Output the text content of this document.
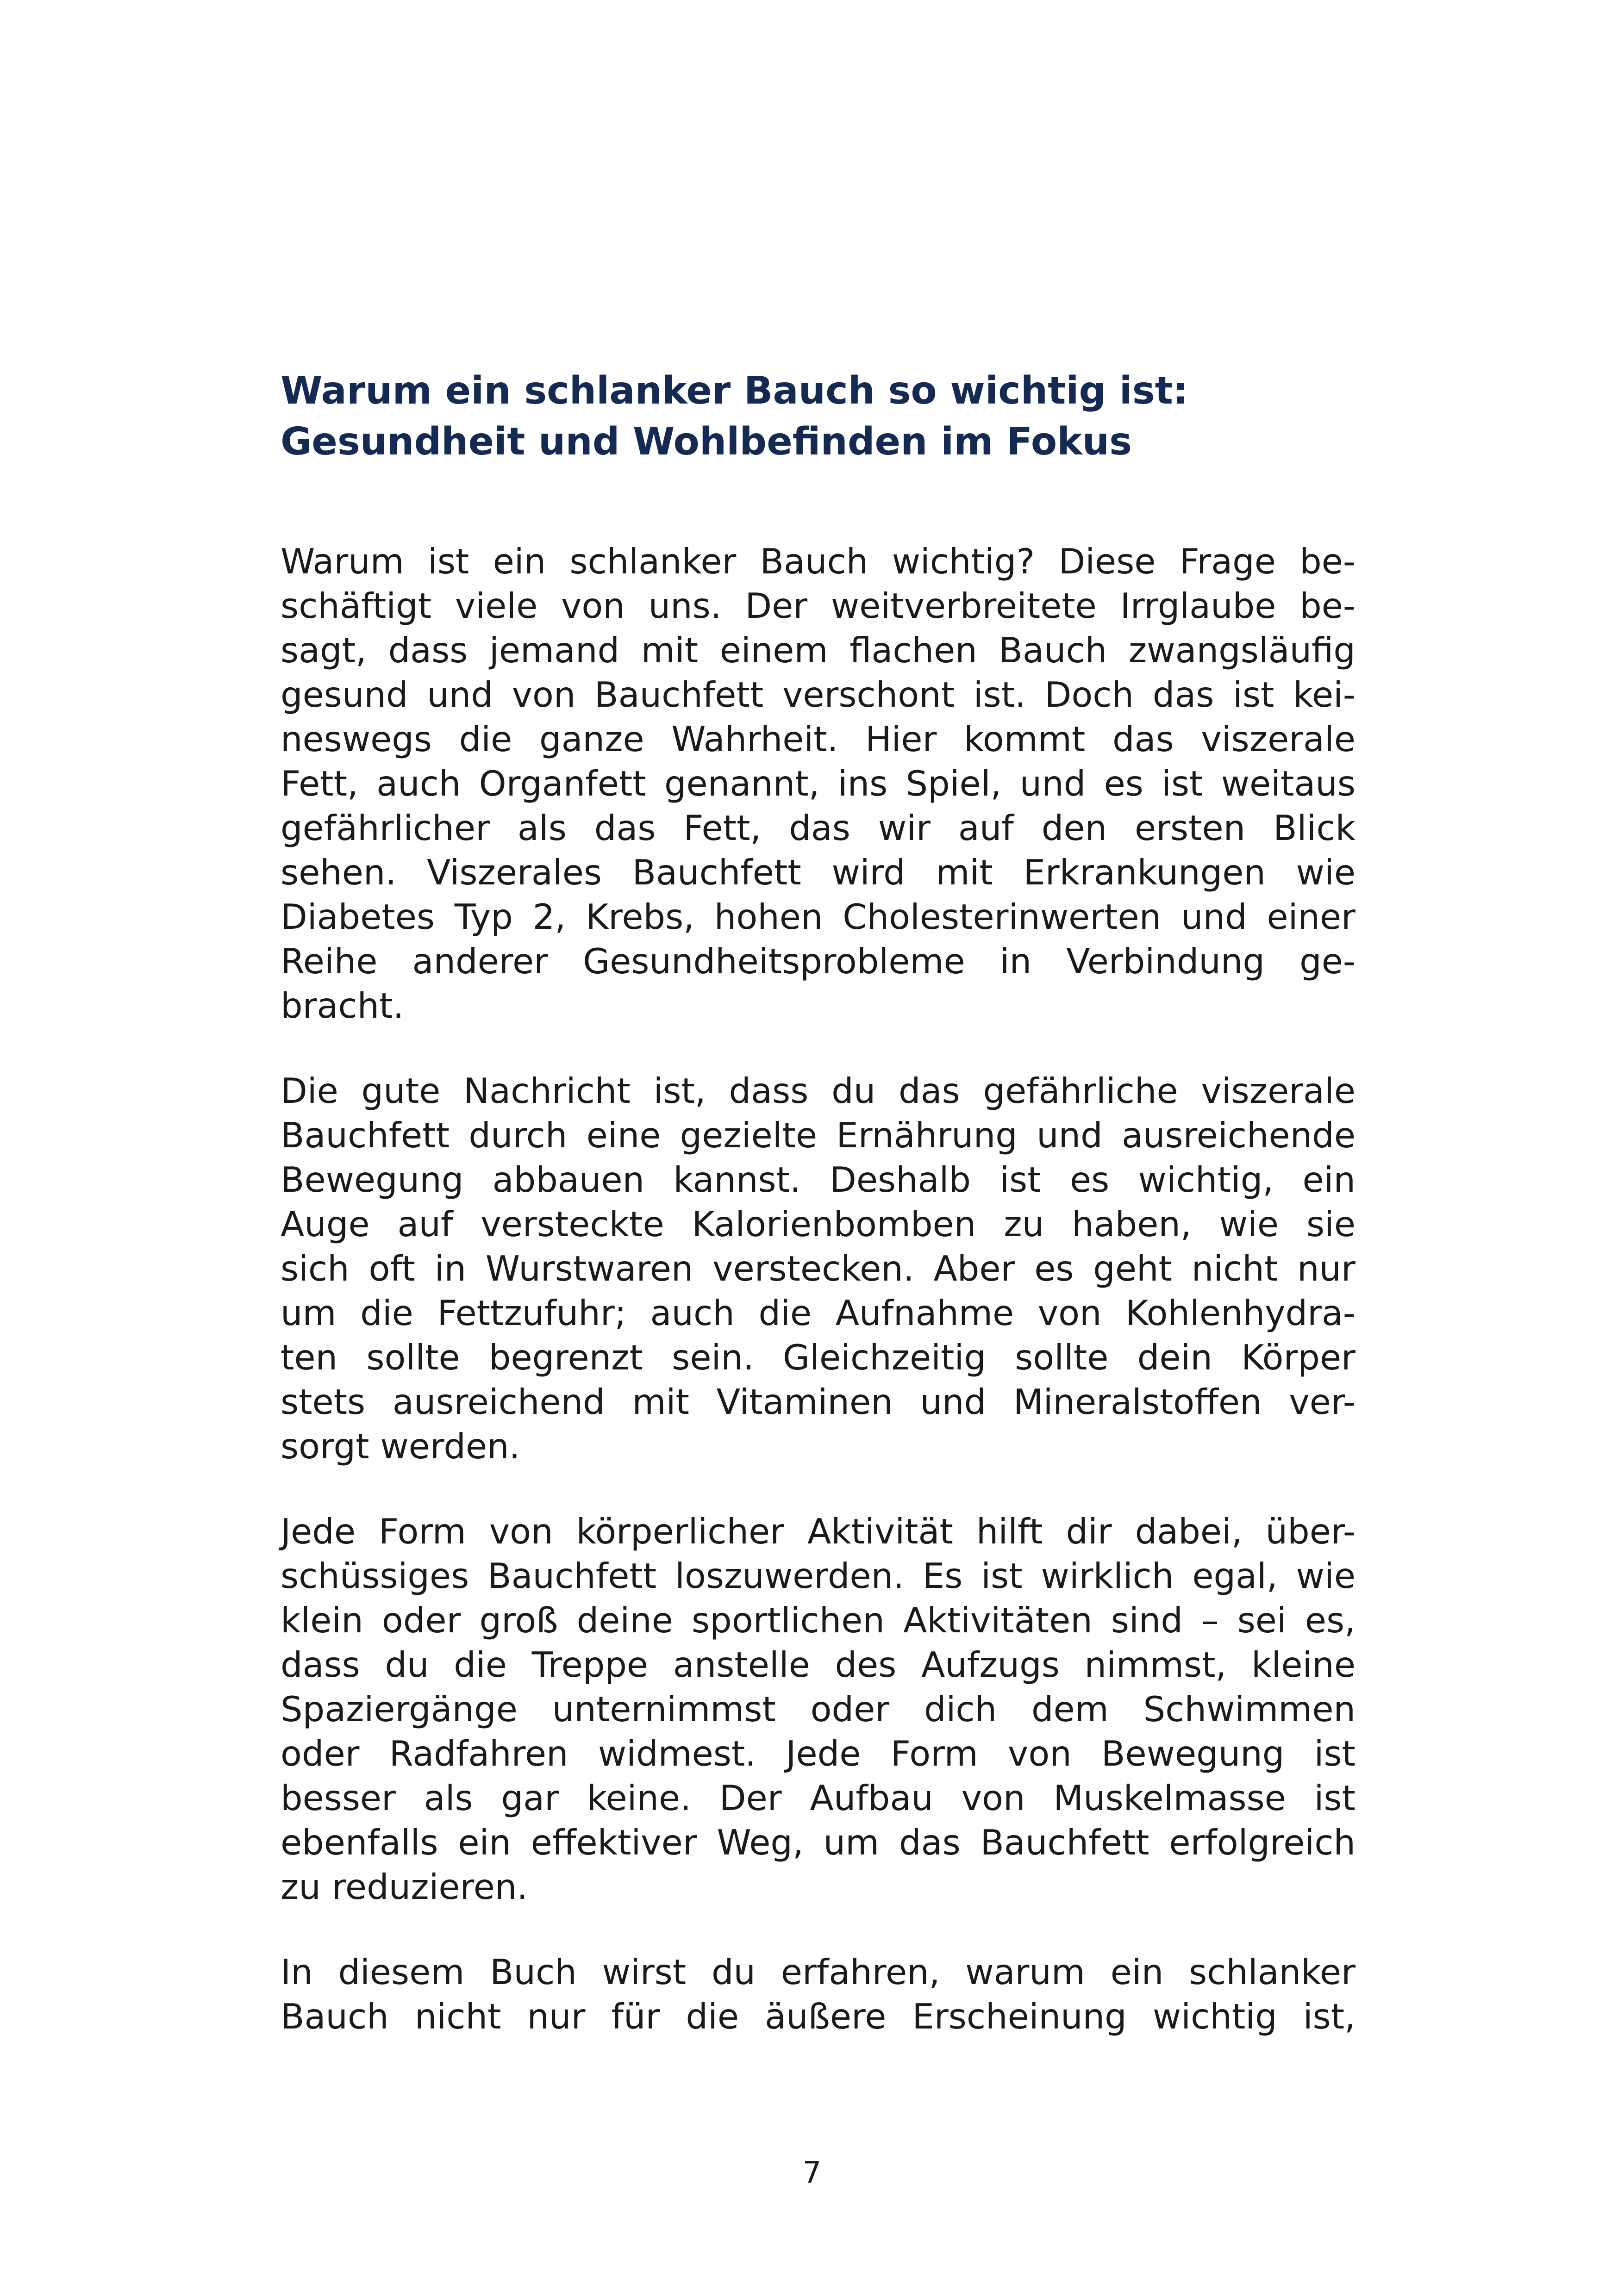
Warum ein schlanker Bauch so wichtig ist:
Gesundheit und Wohlbefinden im Fokus
Warum ist ein schlanker Bauch wichtig? Diese Frage be-
schäftigt viele von uns. Der weitverbreitete Irrglaube be-
sagt, dass jemand mit einem flachen Bauch zwangsläufig
gesund und von Bauchfett verschont ist. Doch das ist kei-
neswegs die ganze Wahrheit. Hier kommt das viszerale
Fett, auch Organfett genannt, ins Spiel, und es ist weitaus
gefährlicher als das Fett, das wir auf den ersten Blick
sehen. Viszerales Bauchfett wird mit Erkrankungen wie
Diabetes Typ 2, Krebs, hohen Cholesterinwerten und einer
Reihe anderer Gesundheitsprobleme in Verbindung ge-
bracht.
Die gute Nachricht ist, dass du das gefährliche viszerale
Bauchfett durch eine gezielte Ernährung und ausreichende
Bewegung abbauen kannst. Deshalb ist es wichtig, ein
Auge auf versteckte Kalorienbomben zu haben, wie sie
sich oft in Wurstwaren verstecken. Aber es geht nicht nur
um die Fettzufuhr; auch die Aufnahme von Kohlenhydra-
ten sollte begrenzt sein. Gleichzeitig sollte dein Körper
stets ausreichend mit Vitaminen und Mineralstoffen ver-
sorgt werden.
Jede Form von körperlicher Aktivität hilft dir dabei, über-
schüssiges Bauchfett loszuwerden. Es ist wirklich egal, wie
klein oder groß deine sportlichen Aktivitäten sind – sei es,
dass du die Treppe anstelle des Aufzugs nimmst, kleine
Spaziergänge unternimmst oder dich dem Schwimmen
oder Radfahren widmest. Jede Form von Bewegung ist
besser als gar keine. Der Aufbau von Muskelmasse ist
ebenfalls ein effektiver Weg, um das Bauchfett erfolgreich
zu reduzieren.
In diesem Buch wirst du erfahren, warum ein schlanker
Bauch nicht nur für die äußere Erscheinung wichtig ist,
7
